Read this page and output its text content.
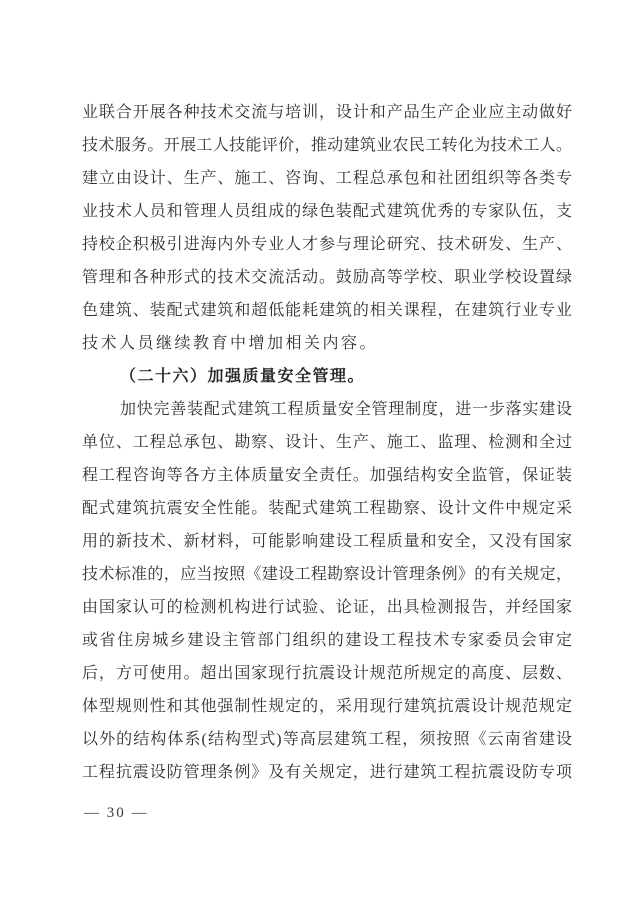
业联合开展各种技术交流与培训，设计和产品生产企业应主动做好
技术服务。开展工人技能评价，推动建筑业农民工转化为技术工人。
建立由设计、生产、施工、咨询、工程总承包和社团组织等各类专
业技术人员和管理人员组成的绿色装配式建筑优秀的专家队伍，支
持校企积极引进海内外专业人才参与理论研究、技术研发、生产、
管理和各种形式的技术交流活动。鼓励高等学校、职业学校设置绿
色建筑、装配式建筑和超低能耗建筑的相关课程，在建筑行业专业
技术人员继续教育中增加相关内容。
（二十六）加强质量安全管理。
加快完善装配式建筑工程质量安全管理制度，进一步落实建设
单位、工程总承包、勘察、设计、生产、施工、监理、检测和全过
程工程咨询等各方主体质量安全责任。加强结构安全监管，保证装
配式建筑抗震安全性能。装配式建筑工程勘察、设计文件中规定采
用的新技术、新材料，可能影响建设工程质量和安全，又没有国家
技术标准的，应当按照《建设工程勘察设计管理条例》的有关规定，
由国家认可的检测机构进行试验、论证，出具检测报告，并经国家
或省住房城乡建设主管部门组织的建设工程技术专家委员会审定
后，方可使用。超出国家现行抗震设计规范所规定的高度、层数、
体型规则性和其他强制性规定的，采用现行建筑抗震设计规范规定
以外的结构体系(结构型式)等高层建筑工程，须按照《云南省建设
工程抗震设防管理条例》及有关规定，进行建筑工程抗震设防专项
— 30 —
